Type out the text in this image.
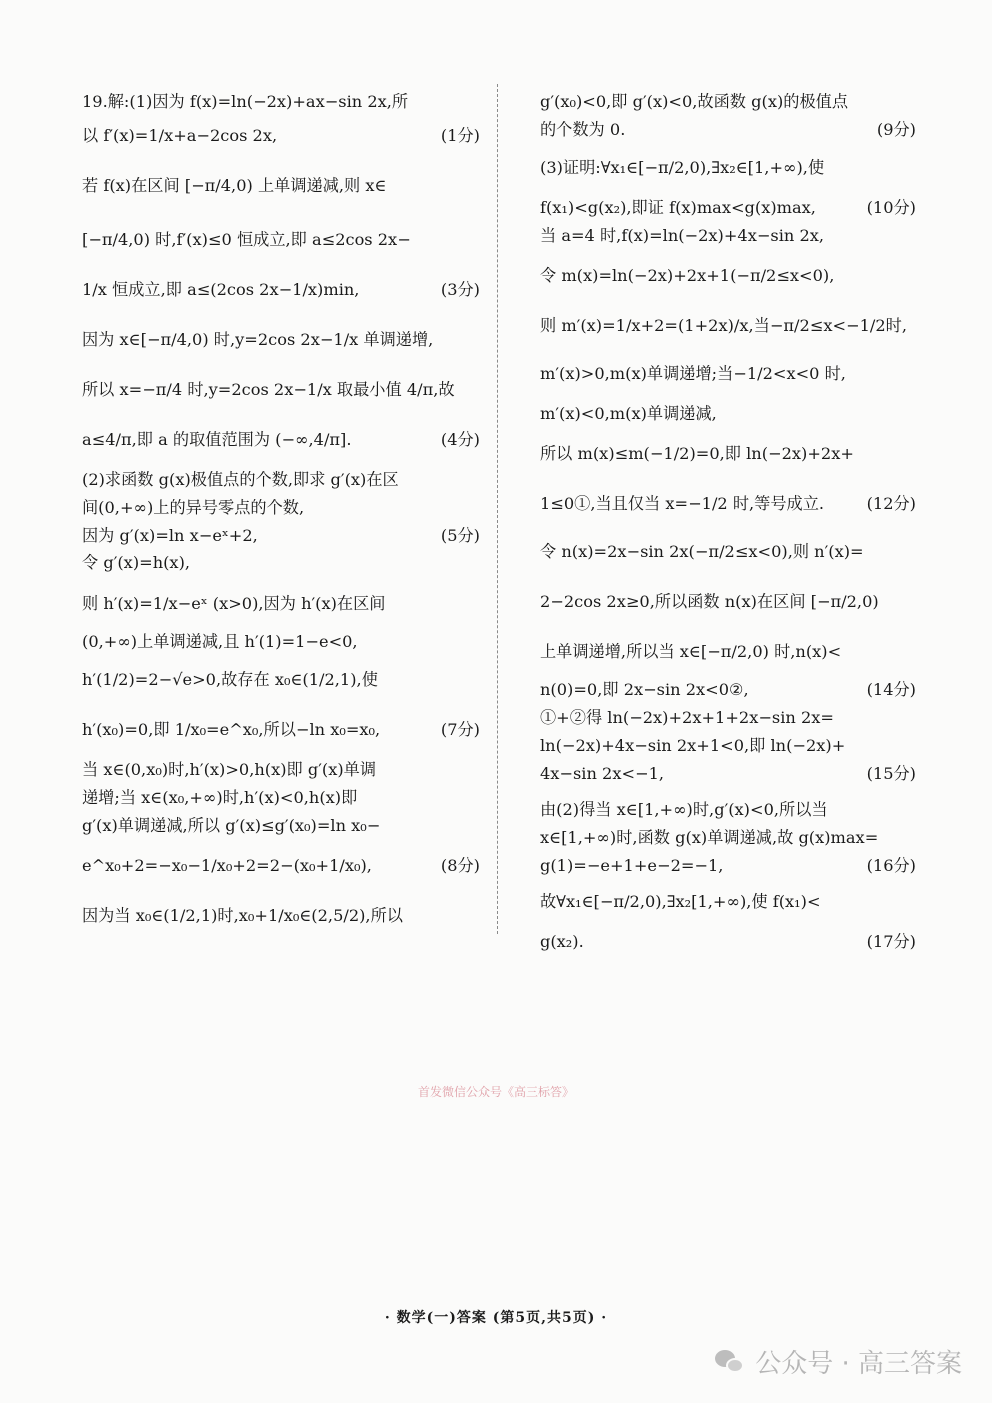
19.解:(1)因为 f(x)=ln(−2x)+ax−sin 2x,所
以 f′(x)=1/x+a−2cos 2x,	(1分)
若 f(x)在区间 [−π/4,0) 上单调递减,则 x∈
[−π/4,0) 时,f′(x)≤0 恒成立,即 a≤2cos 2x−
1/x 恒成立,即 a≤(2cos 2x−1/x)min,	(3分)
因为 x∈[−π/4,0) 时,y=2cos 2x−1/x 单调递增,
所以 x=−π/4 时,y=2cos 2x−1/x 取最小值 4/π,故
a≤4/π,即 a 的取值范围为 (−∞,4/π].	(4分)
(2)求函数 g(x)极值点的个数,即求 g′(x)在区
间(0,+∞)上的异号零点的个数,
因为 g′(x)=ln x−eˣ+2,	(5分)
令 g′(x)=h(x),
则 h′(x)=1/x−eˣ (x>0),因为 h′(x)在区间
(0,+∞)上单调递减,且 h′(1)=1−e<0,
h′(1/2)=2−√e>0,故存在 x₀∈(1/2,1),使
h′(x₀)=0,即 1/x₀=e^x₀,所以−ln x₀=x₀,	(7分)
当 x∈(0,x₀)时,h′(x)>0,h(x)即 g′(x)单调
递增;当 x∈(x₀,+∞)时,h′(x)<0,h(x)即
g′(x)单调递减,所以 g′(x)≤g′(x₀)=ln x₀−
e^x₀+2=−x₀−1/x₀+2=2−(x₀+1/x₀),	(8分)
因为当 x₀∈(1/2,1)时,x₀+1/x₀∈(2,5/2),所以
g′(x₀)<0,即 g′(x)<0,故函数 g(x)的极值点
的个数为 0.	(9分)
(3)证明:∀x₁∈[−π/2,0),∃x₂∈[1,+∞),使
f(x₁)<g(x₂),即证 f(x)max<g(x)max,	(10分)
当 a=4 时,f(x)=ln(−2x)+4x−sin 2x,
令 m(x)=ln(−2x)+2x+1(−π/2≤x<0),
则 m′(x)=1/x+2=(1+2x)/x,当−π/2≤x<−1/2时,
m′(x)>0,m(x)单调递增;当−1/2<x<0 时,
m′(x)<0,m(x)单调递减,
所以 m(x)≤m(−1/2)=0,即 ln(−2x)+2x+
1≤0①,当且仅当 x=−1/2 时,等号成立.	(12分)
令 n(x)=2x−sin 2x(−π/2≤x<0),则 n′(x)=
2−2cos 2x≥0,所以函数 n(x)在区间 [−π/2,0)
上单调递增,所以当 x∈[−π/2,0) 时,n(x)<
n(0)=0,即 2x−sin 2x<0②,	(14分)
①+②得 ln(−2x)+2x+1+2x−sin 2x=
ln(−2x)+4x−sin 2x+1<0,即 ln(−2x)+
4x−sin 2x<−1,	(15分)
由(2)得当 x∈[1,+∞)时,g′(x)<0,所以当
x∈[1,+∞)时,函数 g(x)单调递减,故 g(x)max=
g(1)=−e+1+e−2=−1,	(16分)
故∀x₁∈[−π/2,0),∃x₂[1,+∞),使 f(x₁)<
g(x₂).	(17分)
首发微信公众号《高三标答》
· 数学(一)答案 (第5页,共5页) ·
公众号 · 高三答案
